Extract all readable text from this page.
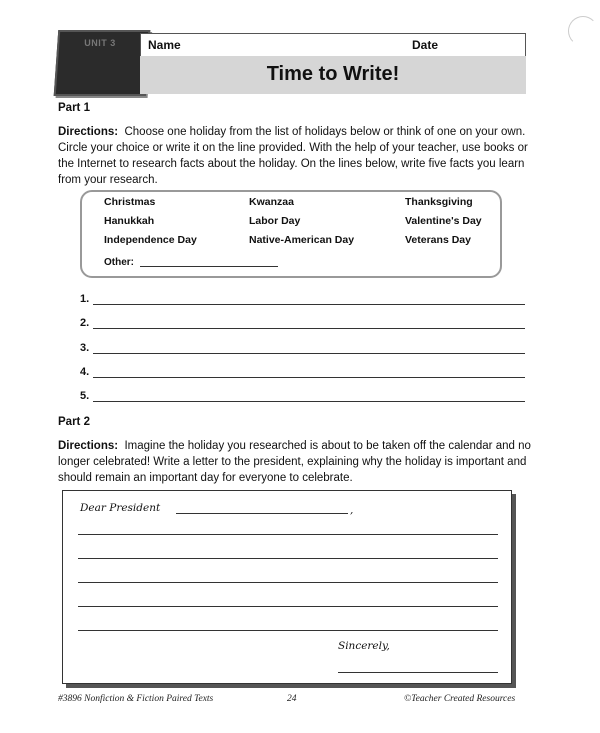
UNIT 3	Name	Date
Time to Write!
Part 1
Directions: Choose one holiday from the list of holidays below or think of one on your own. Circle your choice or write it on the line provided. With the help of your teacher, use books or the Internet to research facts about the holiday. On the lines below, write five facts you learn from your research.
Christmas	Kwanzaa	Thanksgiving
Hanukkah	Labor Day	Valentine's Day
Independence Day	Native-American Day	Veterans Day
Other:
1.
2.
3.
4.
5.
Part 2
Directions: Imagine the holiday you researched is about to be taken off the calendar and no longer celebrated! Write a letter to the president, explaining why the holiday is important and should remain an important day for everyone to celebrate.
Dear President	,
Sincerely,
#3896 Nonfiction & Fiction Paired Texts	24	©Teacher Created Resources
